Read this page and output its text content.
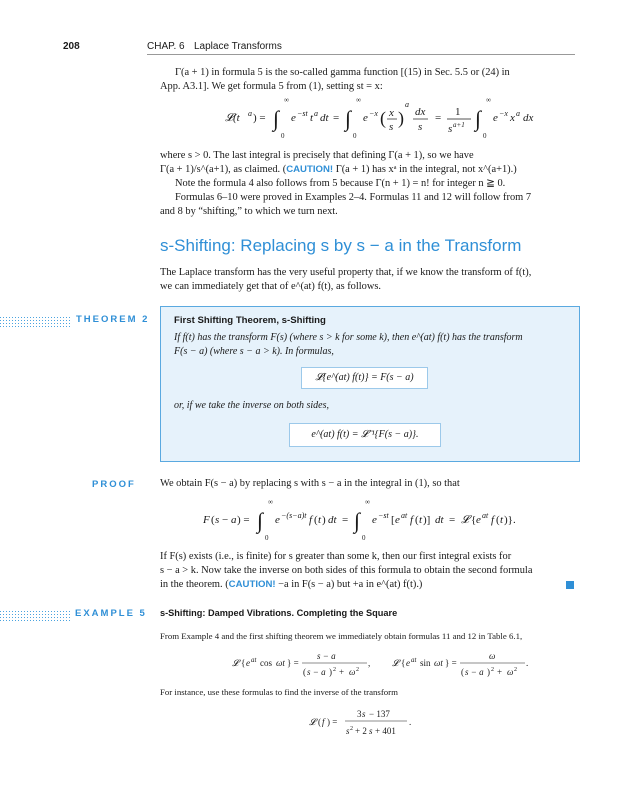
208	CHAP. 6 Laplace Transforms
Γ(a + 1) in formula 5 is the so-called gamma function [(15) in Sec. 5.5 or (24) in
App. A3.1]. We get formula 5 from (1), setting st = x:
𝓛(t a ) = ∫
∞
0
e −st t a dt = ∫
∞
0
e −x ( x
s )
a
dx
s
= 1
s a+1 ∫
∞
0
e −x x a dx
where s > 0. The last integral is precisely that defining Γ(a + 1), so we have
Γ(a + 1)/s^(a+1), as claimed. (CAUTION! Γ(a + 1) has xᵃ in the integral, not x^(a+1).)
Note the formula 4 also follows from 5 because Γ(n + 1) = n! for integer n ≧ 0.
Formulas 6–10 were proved in Examples 2–4. Formulas 11 and 12 will follow from 7
and 8 by “shifting,” to which we turn next.
s-Shifting: Replacing s by s − a in the Transform
The Laplace transform has the very useful property that, if we know the transform of f(t),
we can immediately get that of e^(at) f(t), as follows.
THEOREM 2	First Shifting Theorem, s-Shifting
If f(t) has the transform F(s) (where s > k for some k), then e^(at) f(t) has the transform
F(s − a) (where s − a > k). In formulas,
𝓛{e^(at) f(t)} = F(s − a)
or, if we take the inverse on both sides,
e^(at) f(t) = 𝓛⁻¹{F(s − a)}.
PROOF We obtain F(s − a) by replacing s with s − a in the integral in (1), so that
F ( s − a ) = ∫
∞
0
e −(s−a)t f ( t ) dt = ∫
∞
0
e −st [ e at f ( t )] dt = 𝓛 { e at f ( t )}.
If F(s) exists (i.e., is finite) for s greater than some k, then our first integral exists for
s − a > k. Now take the inverse on both sides of this formula to obtain the second formula
in the theorem. (CAUTION! −a in F(s − a) but +a in e^(at) f(t).)
EXAMPLE 5 s-Shifting: Damped Vibrations. Completing the Square
From Example 4 and the first shifting theorem we immediately obtain formulas 11 and 12 in Table 6.1,
𝓛 { e at cos ωt } =
s − a
( s − a ) 2 + ω 2
, 𝓛 { e at sin ωt } =
ω
( s − a ) 2 + ω 2
.
For instance, use these formulas to find the inverse of the transform
𝓛 ( f ) =
3 s − 137
s 2 + 2 s + 401
.
